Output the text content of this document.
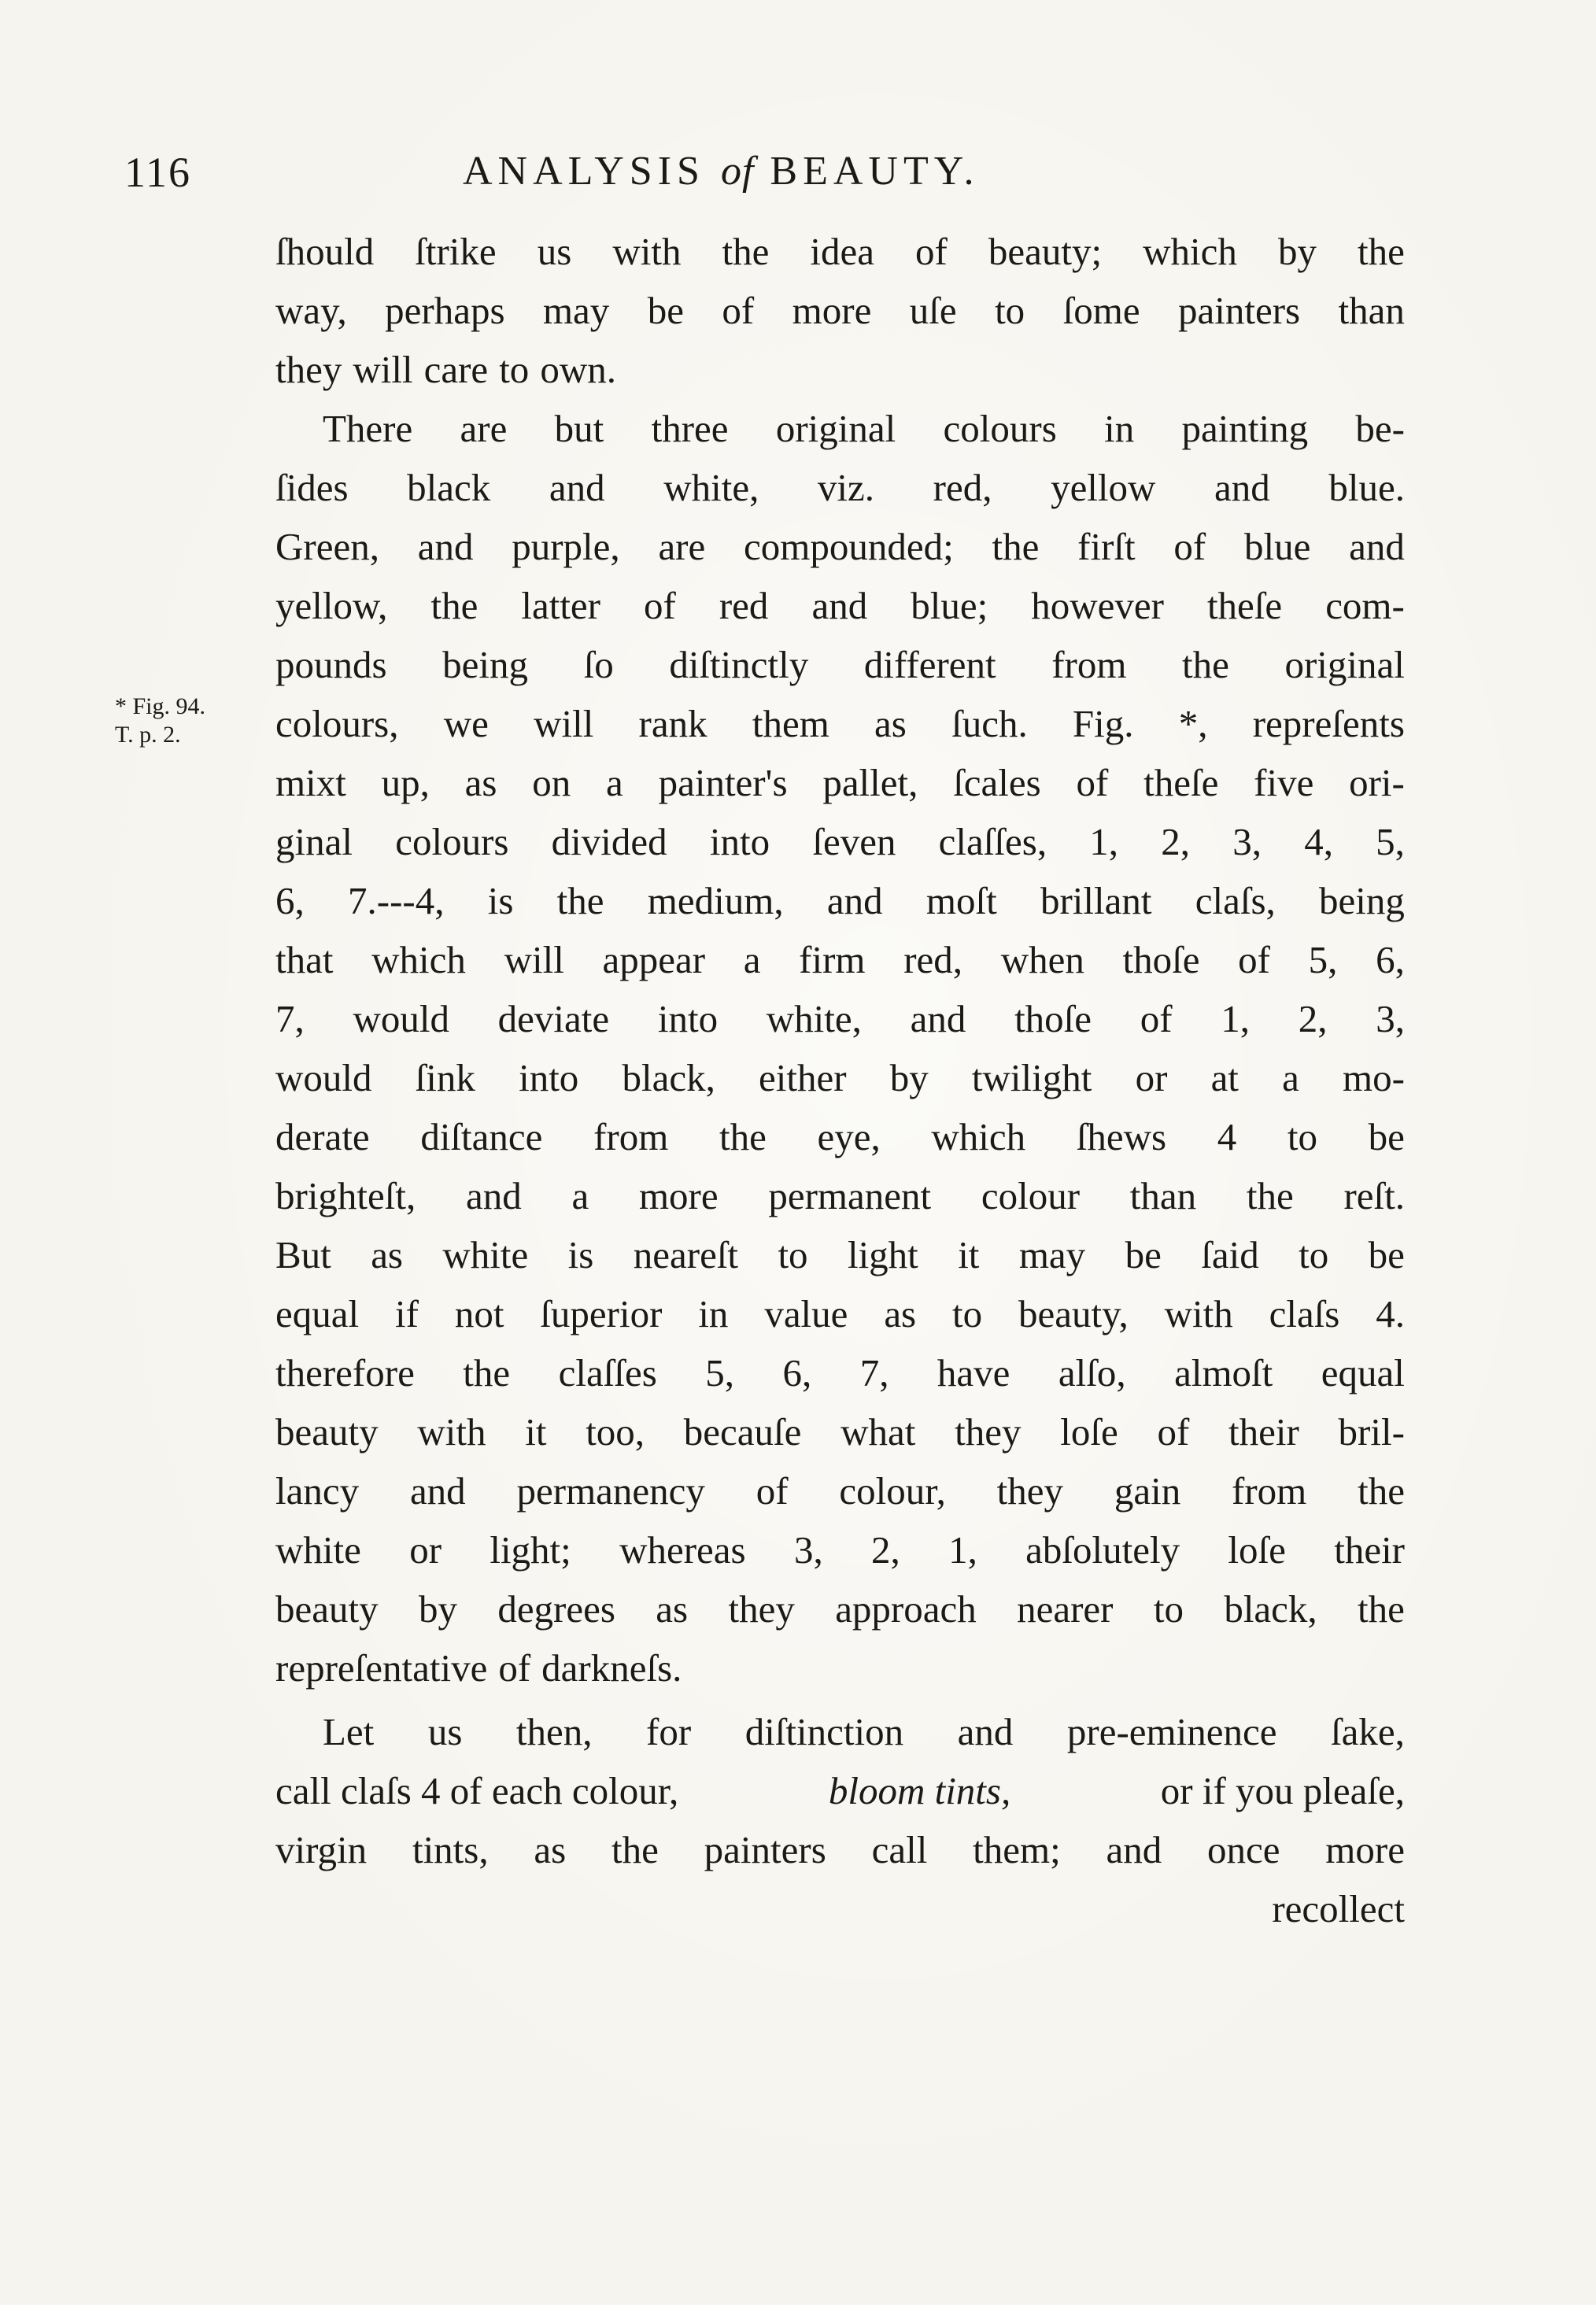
116	ANALYSIS of BEAUTY.
* Fig. 94.
T. p. 2.
ſhould ſtrike us with the idea of beauty; which by the
way, perhaps may be of more uſe to ſome painters than
they will care to own.
There are but three original colours in painting be-
ſides black and white, viz. red, yellow and blue.
Green, and purple, are compounded; the firſt of blue and
yellow, the latter of red and blue; however theſe com-
pounds being ſo diſtinctly different from the original
colours, we will rank them as ſuch. Fig. *, repreſents
mixt up, as on a painter's pallet, ſcales of theſe five ori-
ginal colours divided into ſeven claſſes, 1, 2, 3, 4, 5,
6, 7.---4, is the medium, and moſt brillant claſs, being
that which will appear a firm red, when thoſe of 5, 6,
7, would deviate into white, and thoſe of 1, 2, 3,
would ſink into black, either by twilight or at a mo-
derate diſtance from the eye, which ſhews 4 to be
brighteſt, and a more permanent colour than the reſt.
But as white is neareſt to light it may be ſaid to be
equal if not ſuperior in value as to beauty, with claſs 4.
therefore the claſſes 5, 6, 7, have alſo, almoſt equal
beauty with it too, becauſe what they loſe of their bril-
lancy and permanency of colour, they gain from the
white or light; whereas 3, 2, 1, abſolutely loſe their
beauty by degrees as they approach nearer to black, the
repreſentative of darkneſs.
Let us then, for diſtinction and pre-eminence ſake,
call claſs 4 of each colour,	bloom tints,	or if you pleaſe,
virgin tints, as the painters call them; and once more
recollect
